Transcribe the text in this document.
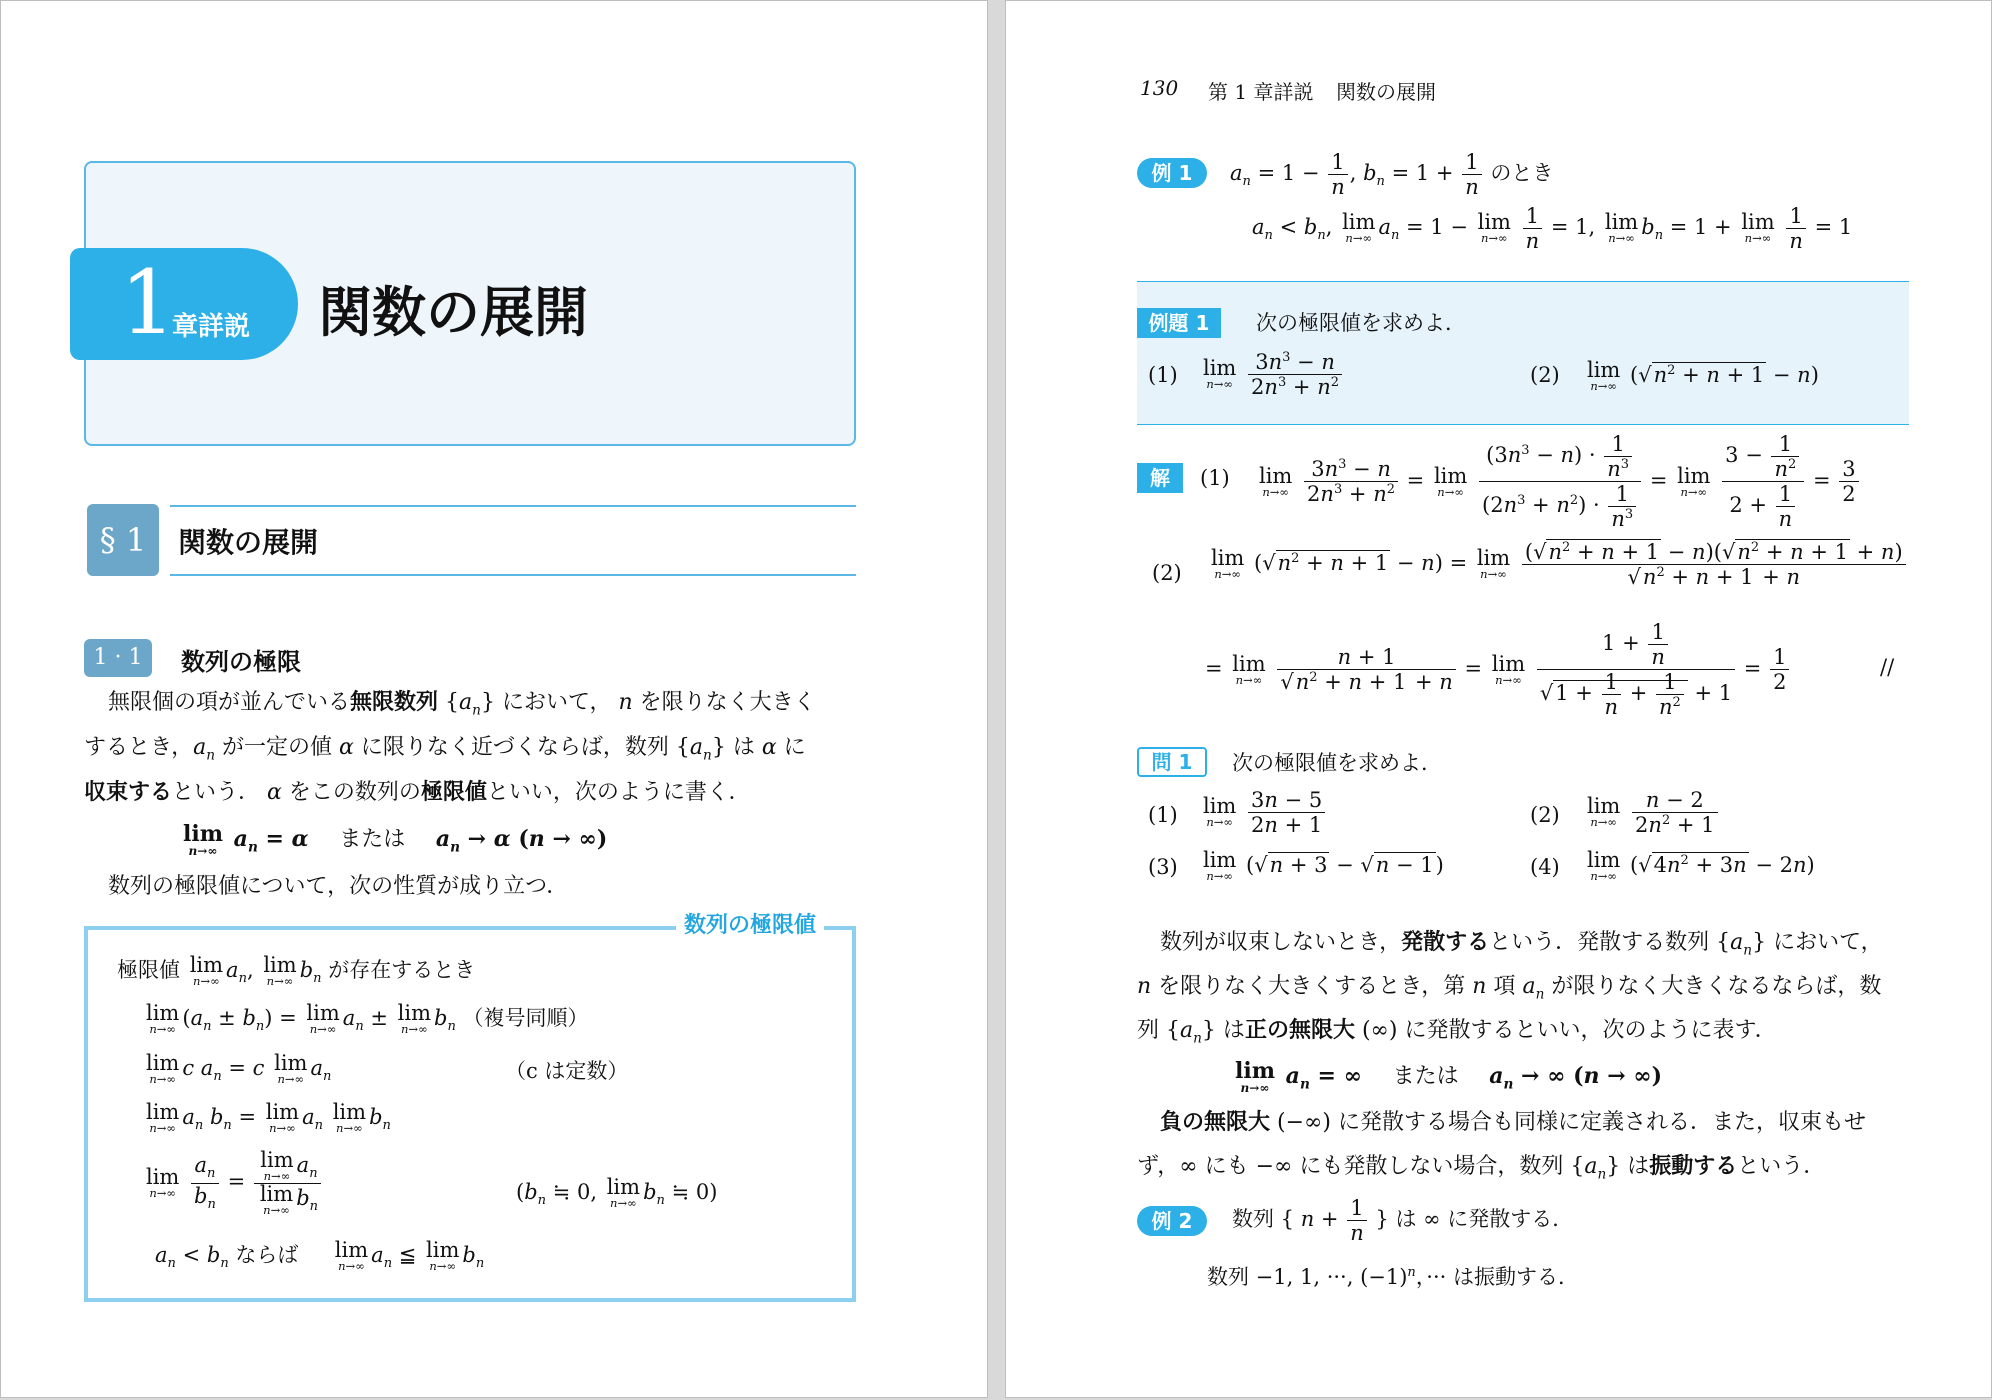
1
章詳説 関数の展開
§ 1	関数の展開
1 · 1	数列の極限
無限個の項が並んでいる無限数列 $\{a_n\}$ において， n を限りなく大きく
するとき，$a_n$ が一定の値 α に限りなく近づくならば，数列 $\{a_n\}$ は α に
収束するという． α をこの数列の極限値といい，次のように書く．
lim
n→∞ $a_n = \alpha$ または $a_n \to \alpha$ (n → ∞)
数列の極限値について，次の性質が成り立つ．
数列の極限値
極限値 lim
n→∞ $a_n$, lim
n→∞ $b_n$ が存在するとき
lim
n→∞ $(a_n \pm b_n) = \lim$
n→∞ $a_n \pm \lim$
n→∞ $b_n$ （複号同順）
lim
n→∞ c $a_n = c$ lim
n→∞ $a_n$	（c は定数）
lim
n→∞ $a_n$ $b_n = \lim$
n→∞ $a_n$
lim
n→∞ $b_n$
lim
n→∞
$\frac{a_n}{b_n} = \lim$
n→∞ $a_n$
lim
n→∞ $b_n$	($b_n$ ≒ 0, lim
n→∞ $b_n$ ≒ 0)
$a_n < b_n$ ならば lim
n→∞ $a_n$ ≦ lim
n→∞ $b_n$
130 第 1 章詳説 関数の展開
例 1	$a_n = 1 - \frac{1}{n}$ , $b_n = 1 + \frac{1}{n}$ のとき
$a_n < b_n$, lim
n→∞ $a_n = 1 - \lim$
n→∞
$\frac{1}{n} = 1$, lim
n→∞ $b_n = 1 + \lim$
n→∞
$\frac{1}{n} = 1$
例題 1	次の極限値を求めよ．
(1) lim
n→∞
$\frac{3n^3 - n}{2n^3 + n^2}$	(2) lim
n→∞ $(√n^2 + n + 1 - n)$
解	(1) lim
n→∞
$\frac{3n^3 - n}{2n^3 + n^2} = \lim$
n→∞
$\frac{(3n^3 - n) \cdot \frac{1}{n^3}}{(2n^3 + n^2) \cdot \frac{1}{n^3}} = \lim$
n→∞
$\frac{3 - \frac{1}{n^2}}{2 + \frac{1}{n}} = \frac{3}{2}$
(2)
lim
n→∞ $(√n^2 + n + 1 - n) = \lim$
n→∞
$\frac{(√n^2 + n + 1 - n)(√n^2 + n + 1 + n)}{√n^2 + n + 1 + n}$
= lim
n→∞
$\frac{n + 1}{√n^2 + n + 1 + n} = \lim$
n→∞
$\frac{1 + \frac{1}{n}}{√1 + \frac{1}{n} + \frac{1}{n^2} + 1} = \frac{1}{2}$	//
問 1	次の極限値を求めよ．
(1) lim
n→∞
$\frac{3n - 5}{2n + 1}$	(2) lim
n→∞
$\frac{n - 2}{2n^2 + 1}$
(3) lim
n→∞ (√n + 3 − √n − 1)	(4) lim
n→∞ $(√4n^2 + 3n - 2n)$
数列が収束しないとき，発散するという．発散する数列 $\{a_n\}$ において，
n を限りなく大きくするとき，第 n 項 $a_n$ が限りなく大きくなるならば，数
列 $\{a_n\}$ は正の無限大 (∞) に発散するといい，次のように表す．
lim
n→∞ $a_n$ = ∞    または $a_n$ → ∞ (n → ∞)
負の無限大 (−∞) に発散する場合も同様に定義される．また，収束もせ
ず，∞ にも −∞ にも発散しない場合，数列 $\{a_n\}$ は振動するという．
例 2	数列 { $n + \frac{1}{n}$ } は ∞ に発散する．
数列 −1, 1, ···, $(-1)^n$，··· は振動する．
